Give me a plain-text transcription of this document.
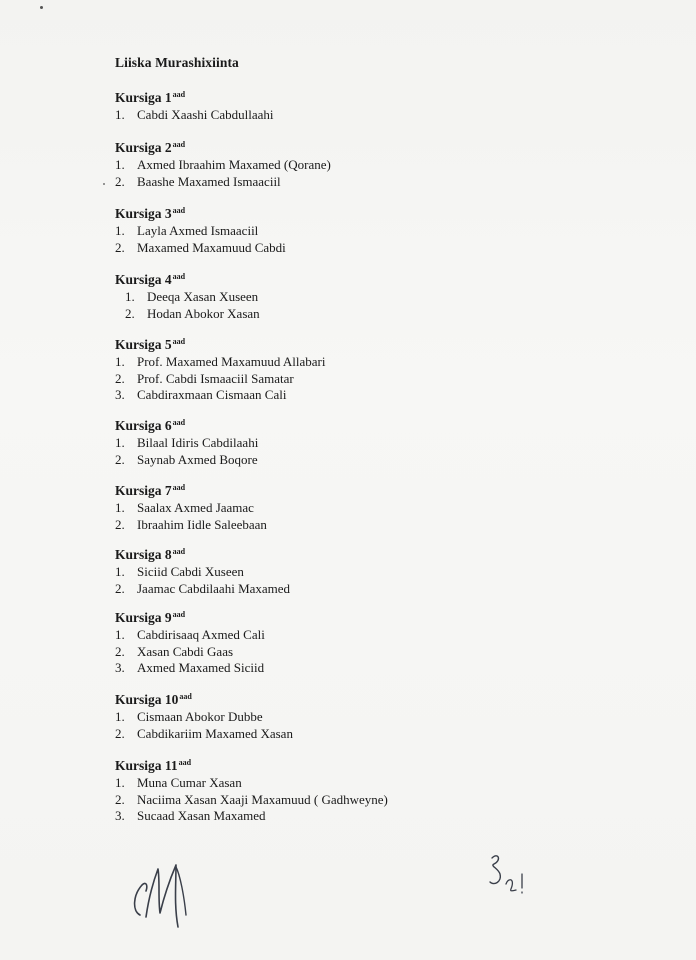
Liiska Murashixiinta
Kursiga $1^{aad}$
1. Cabdi Xaashi Cabdullaahi
Kursiga $2^{aad}$
1. Axmed Ibraahim Maxamed (Qorane)
2. Baashe Maxamed Ismaaciil
Kursiga $3^{aad}$
1. Layla Axmed Ismaaciil
2. Maxamed Maxamuud Cabdi
Kursiga $4^{aad}$
1. Deeqa Xasan Xuseen
2. Hodan Abokor Xasan
Kursiga $5^{aad}$
1. Prof. Maxamed Maxamuud Allabari
2. Prof. Cabdi Ismaaciil Samatar
3. Cabdiraxmaan Cismaan Cali
Kursiga $6^{aad}$
1. Bilaal Idiris Cabdilaahi
2. Saynab Axmed Boqore
Kursiga $7^{aad}$
1. Saalax Axmed Jaamac
2. Ibraahim Iidle Saleebaan
Kursiga $8^{aad}$
1. Siciid Cabdi Xuseen
2. Jaamac Cabdilaahi Maxamed
Kursiga $9^{aad}$
1. Cabdirisaaq Axmed Cali
2. Xasan Cabdi Gaas
3. Axmed Maxamed Siciid
Kursiga $10^{aad}$
1. Cismaan Abokor Dubbe
2. Cabdikariim Maxamed Xasan
Kursiga $11^{aad}$
1. Muna Cumar Xasan
2. Naciima Xasan Xaaji Maxamuud ( Gadhweyne)
3. Sucaad Xasan Maxamed
